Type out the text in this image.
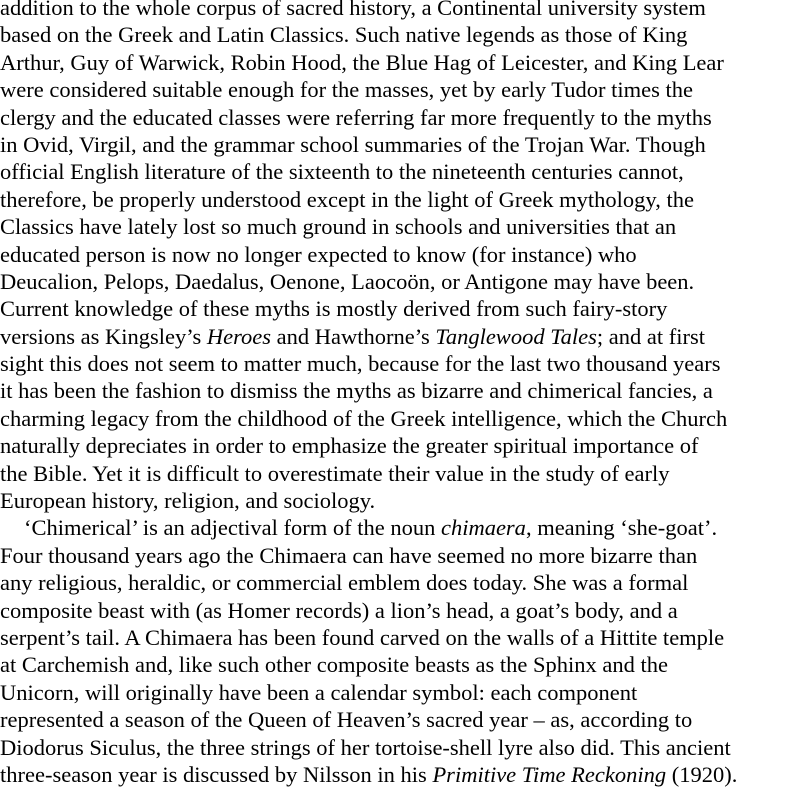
addition to the whole corpus of sacred history, a Continental university system
based on the Greek and Latin Classics. Such native legends as those of King
Arthur, Guy of Warwick, Robin Hood, the Blue Hag of Leicester, and King Lear
were considered suitable enough for the masses, yet by early Tudor times the
clergy and the educated classes were referring far more frequently to the myths
in Ovid, Virgil, and the grammar school summaries of the Trojan War. Though
official English literature of the sixteenth to the nineteenth centuries cannot,
therefore, be properly understood except in the light of Greek mythology, the
Classics have lately lost so much ground in schools and universities that an
educated person is now no longer expected to know (for instance) who
Deucalion, Pelops, Daedalus, Oenone, Laocoön, or Antigone may have been.
Current knowledge of these myths is mostly derived from such fairy-story
versions as Kingsley’s Heroes and Hawthorne’s Tanglewood Tales; and at first
sight this does not seem to matter much, because for the last two thousand years
it has been the fashion to dismiss the myths as bizarre and chimerical fancies, a
charming legacy from the childhood of the Greek intelligence, which the Church
naturally depreciates in order to emphasize the greater spiritual importance of
the Bible. Yet it is difficult to overestimate their value in the study of early
European history, religion, and sociology.
‘Chimerical’ is an adjectival form of the noun chimaera, meaning ‘she-goat’.
Four thousand years ago the Chimaera can have seemed no more bizarre than
any religious, heraldic, or commercial emblem does today. She was a formal
composite beast with (as Homer records) a lion’s head, a goat’s body, and a
serpent’s tail. A Chimaera has been found carved on the walls of a Hittite temple
at Carchemish and, like such other composite beasts as the Sphinx and the
Unicorn, will originally have been a calendar symbol: each component
represented a season of the Queen of Heaven’s sacred year – as, according to
Diodorus Siculus, the three strings of her tortoise-shell lyre also did. This ancient
three-season year is discussed by Nilsson in his Primitive Time Reckoning (1920).
